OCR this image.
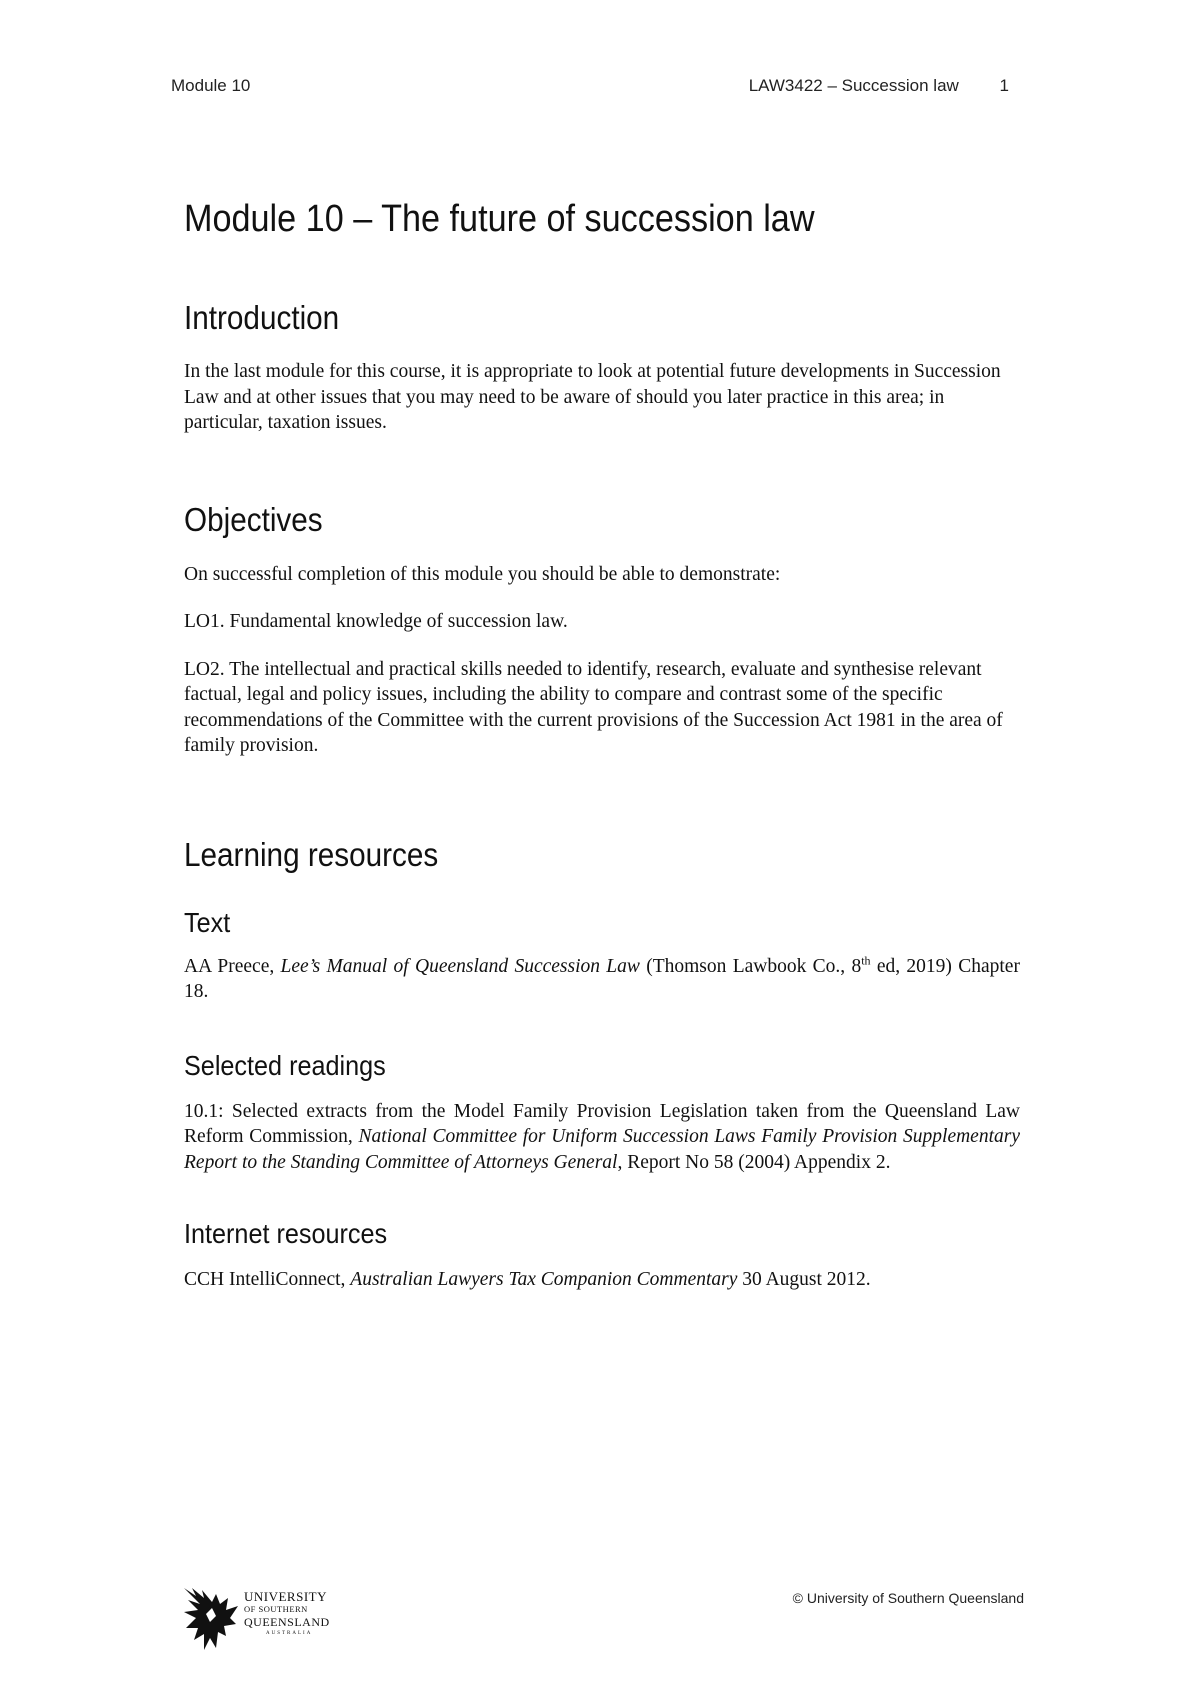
Module 10	LAW3422 – Succession law 1
Module 10 – The future of succession law
Introduction

In the last module for this course, it is appropriate to look at potential future developments in Succession Law and at other issues that you may need to be aware of should you later practice in this area; in particular, taxation issues.

Objectives

On successful completion of this module you should be able to demonstrate:

LO1. Fundamental knowledge of succession law.

LO2. The intellectual and practical skills needed to identify, research, evaluate and synthesise relevant factual, legal and policy issues, including the ability to compare and contrast some of the specific recommendations of the Committee with the current provisions of the Succession Act 1981 in the area of family provision.

Learning resources
Text

AA Preece, Lee’s Manual of Queensland Succession Law (Thomson Lawbook Co., 8th ed, 2019) Chapter 18.

Selected readings

10.1: Selected extracts from the Model Family Provision Legislation taken from the Queensland Law Reform Commission, National Committee for Uniform Succession Laws Family Provision Supplementary Report to the Standing Committee of Attorneys General, Report No 58 (2004) Appendix 2.

Internet resources

CCH IntelliConnect, Australian Lawyers Tax Companion Commentary 30 August 2012.

UNIVERSITY
OF SOUTHERN
QUEENSLAND
AUSTRALIA
© University of Southern Queensland
